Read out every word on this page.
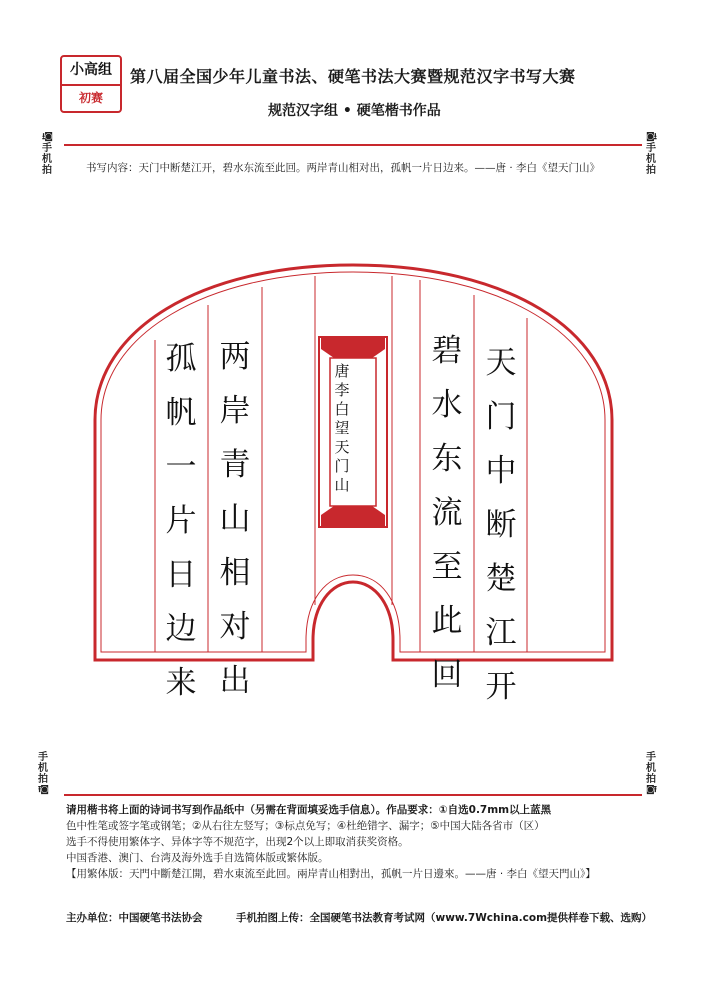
小高组
初赛
第八届全国少年儿童书法、硬笔书法大赛暨规范汉字书写大赛
规范汉字组 • 硬笔楷书作品
⭳◙
手
机
拍
◙⭳
手
机
拍
书写内容：天门中断楚江开，碧水东流至此回。两岸青山相对出，孤帆一片日边来。——唐 · 李白《望天门山》
天
门
中
断
楚
江
开
碧
水
东
流
至
此
回
两
岸
青
山
相
对
出
孤
帆
一
片
日
边
来
唐
李
白
望
天
门
山
手
机
拍
⭱◙
手
机
拍
◙⭱
请用楷书将上面的诗词书写到作品纸中（另需在背面填妥选手信息）。作品要求：①自选0.7mm以上蓝黑
色中性笔或签字笔或钢笔；②从右往左竖写；③标点免写；④杜绝错字、漏字；⑤中国大陆各省市（区）
选手不得使用繁体字、异体字等不规范字，出现2个以上即取消获奖资格。
中国香港、澳门、台湾及海外选手自选简体版或繁体版。
【用繁体版：天門中斷楚江開，碧水東流至此回。兩岸青山相對出，孤帆一片日邊來。——唐 · 李白《望天門山》】
主办单位：中国硬笔书法协会	手机拍图上传：全国硬笔书法教育考试网（www.7Wchina.com提供样卷下载、选购）
